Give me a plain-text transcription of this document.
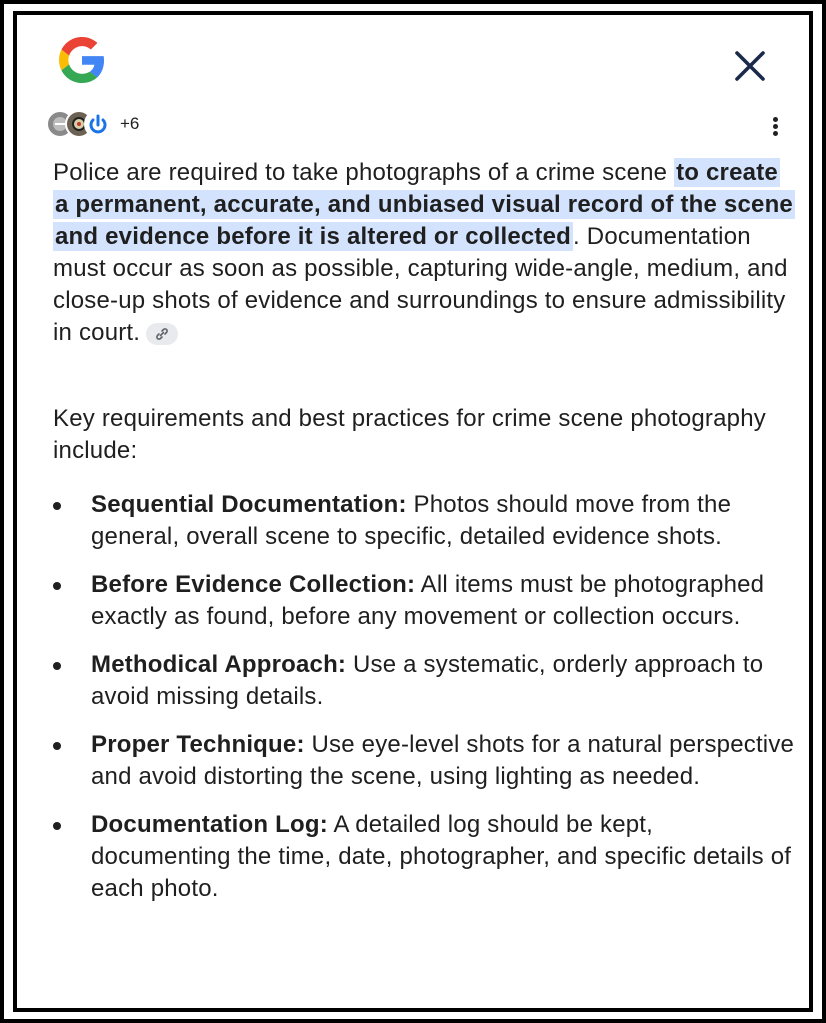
+6

Police are required to take photographs of a crime scene to create a permanent, accurate, and unbiased visual record of the scene and evidence before it is altered or collected. Documentation must occur as soon as possible, capturing wide-angle, medium, and close-up shots of evidence and surroundings to ensure admissibility in court.

Key requirements and best practices for crime scene photography include:

Sequential Documentation: Photos should move from the general, overall scene to specific, detailed evidence shots.
Before Evidence Collection: All items must be photographed exactly as found, before any movement or collection occurs.
Methodical Approach: Use a systematic, orderly approach to avoid missing details.
Proper Technique: Use eye-level shots for a natural perspective and avoid distorting the scene, using lighting as needed.
Documentation Log: A detailed log should be kept, documenting the time, date, photographer, and specific details of each photo.
